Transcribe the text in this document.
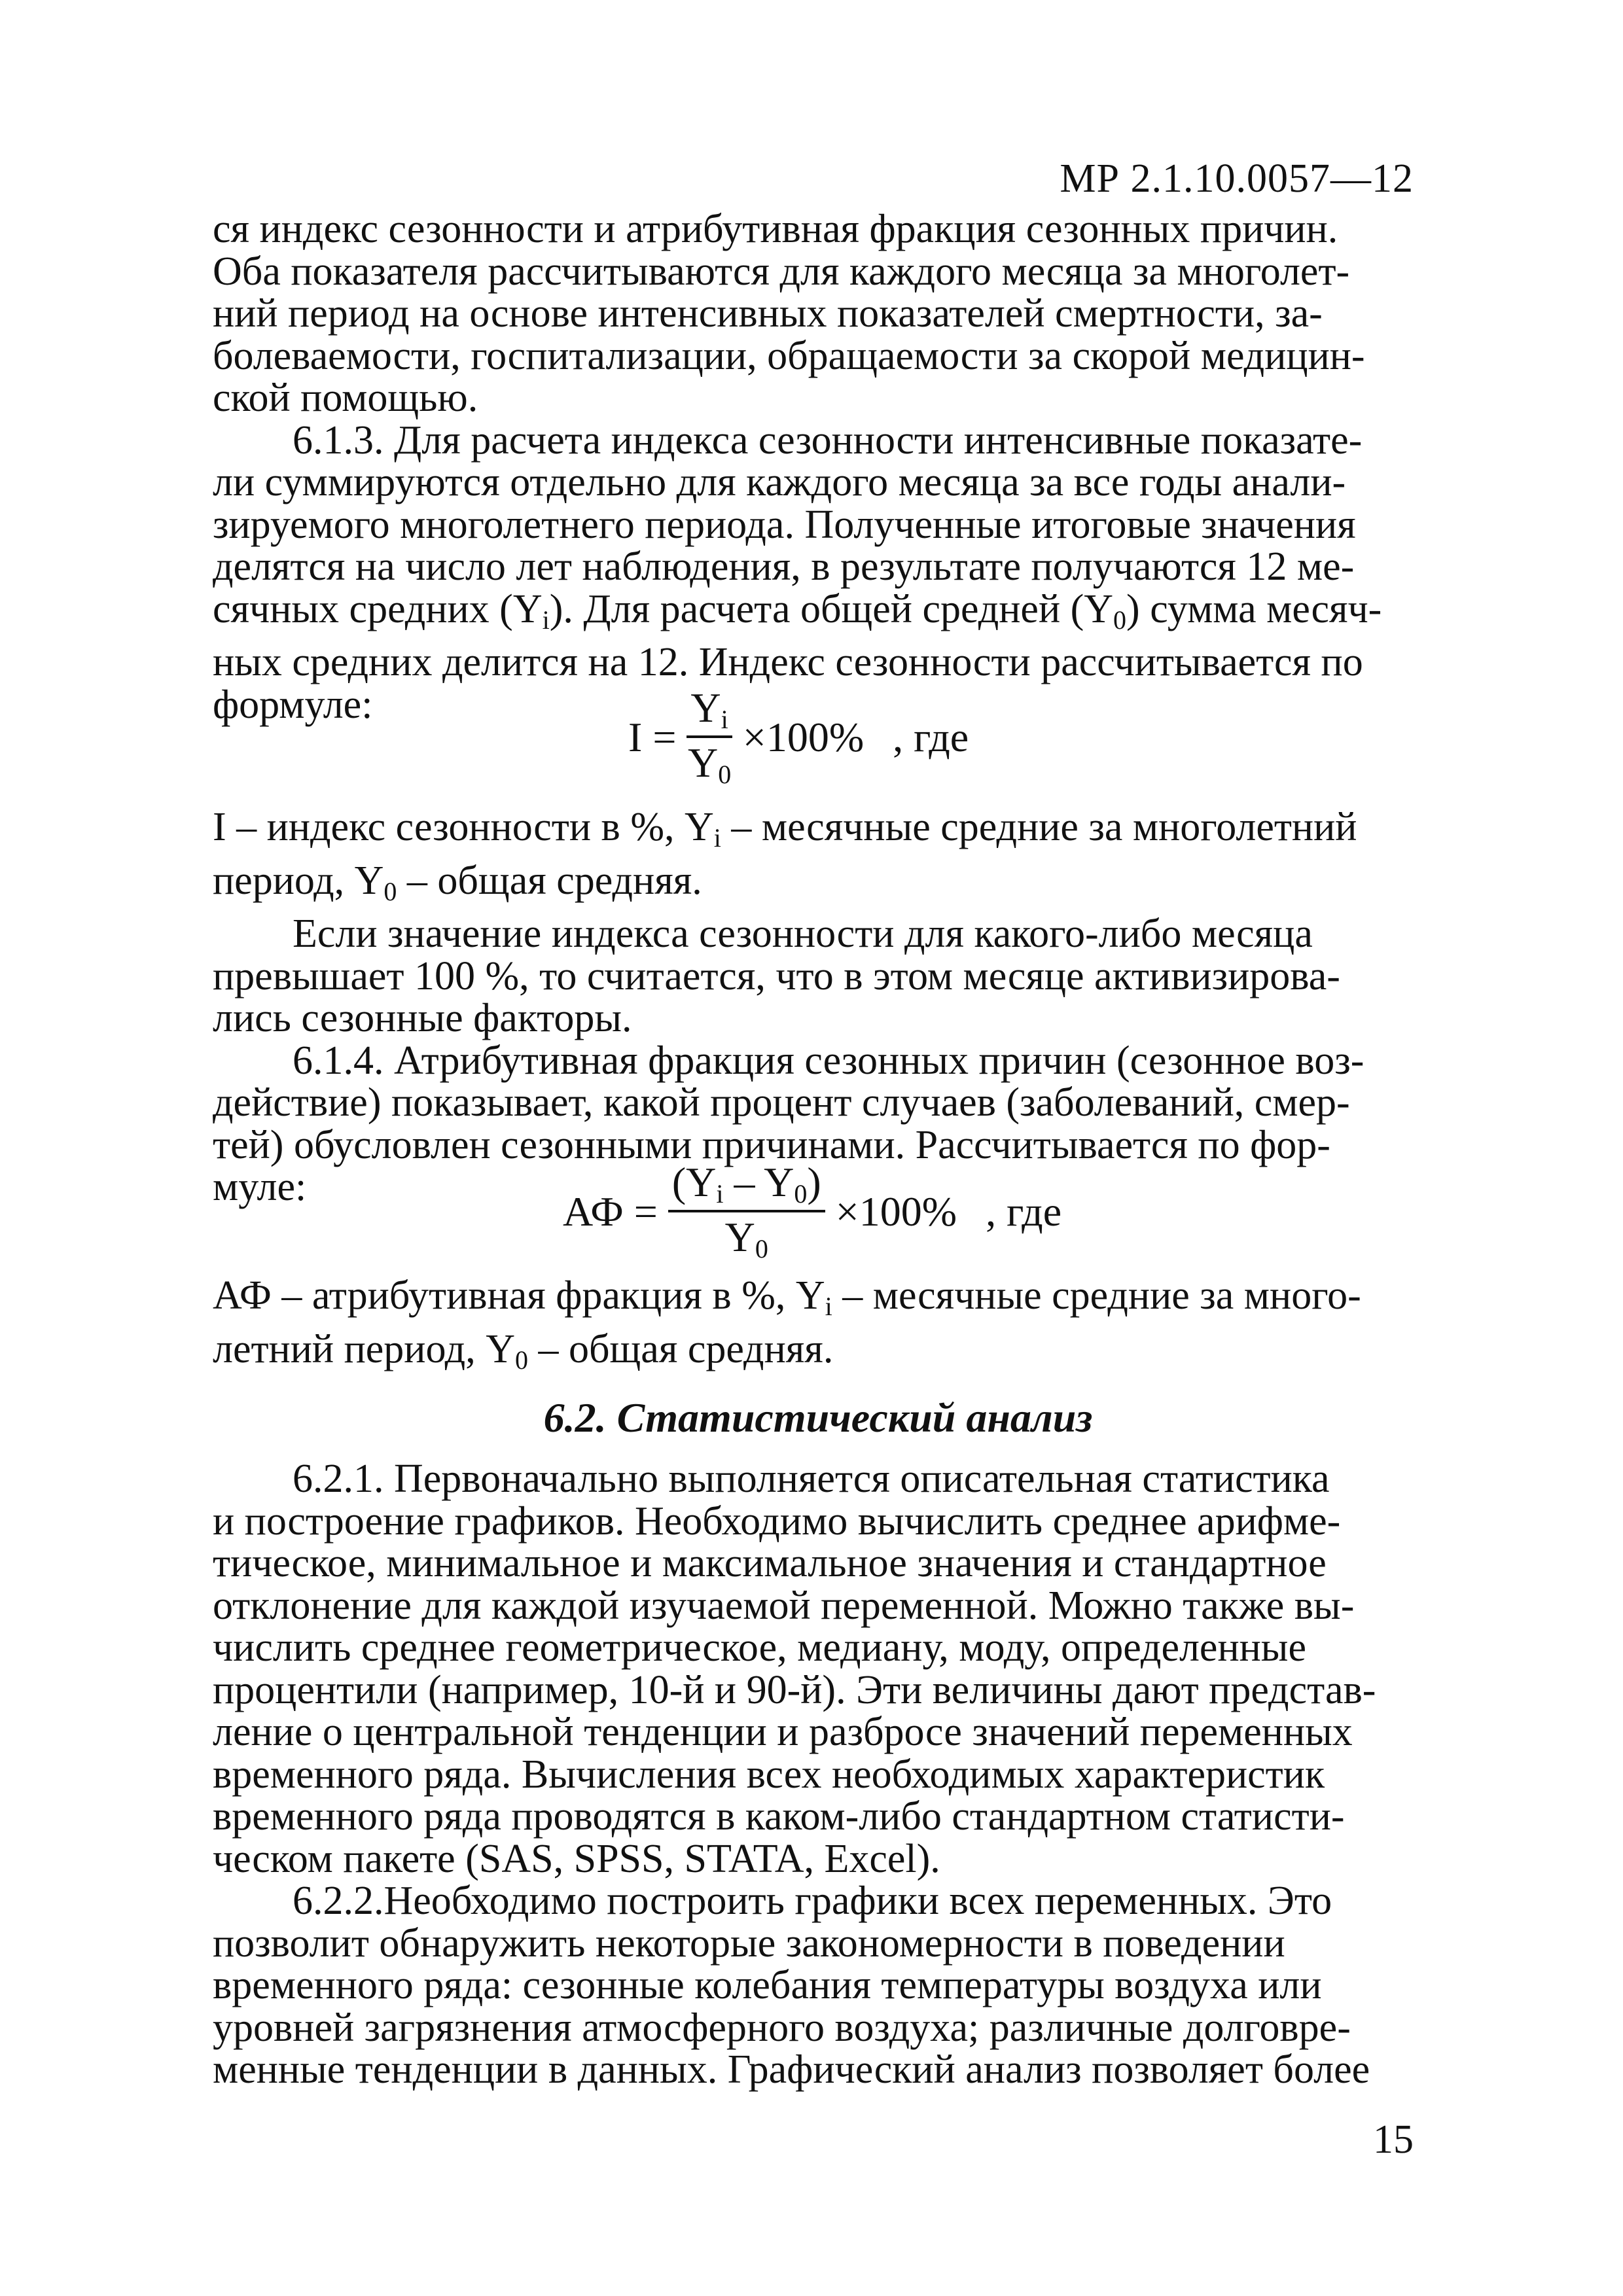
МР 2.1.10.0057—12

ся индекс сезонности и атрибутивная фракция сезонных причин.
Оба показателя рассчитываются для каждого месяца за многолет-
ний период на основе интенсивных показателей смертности, за-
болеваемости, госпитализации, обращаемости за скорой медицин-
ской помощью.

6.1.3. Для расчета индекса сезонности интенсивные показате-
ли суммируются отдельно для каждого месяца за все годы анали-
зируемого многолетнего периода. Полученные итоговые значения
делятся на число лет наблюдения, в результате получаются 12 ме-
сячных средних $(Y_i)$. Для расчета общей средней $(Y_0)$ сумма месяч-
ных средних делится на 12. Индекс сезонности рассчитывается по
формуле:

$I = \frac{Y_i}{Y_0} \times 100\%$ , где

I – индекс сезонности в %, $Y_i$ – месячные средние за многолетний
период, $Y_0$ – общая средняя.

Если значение индекса сезонности для какого-либо месяца
превышает 100 %, то считается, что в этом месяце активизирова-
лись сезонные факторы.

6.1.4. Атрибутивная фракция сезонных причин (сезонное воз-
действие) показывает, какой процент случаев (заболеваний, смер-
тей) обусловлен сезонными причинами. Рассчитывается по фор-
муле:

АФ = $\frac{(Y_i - Y_0)}{Y_0} \times 100\%$ , где

АФ – атрибутивная фракция в %, $Y_i$ – месячные средние за много-
летний период, $Y_0$ – общая средняя.

6.2. Статистический анализ

6.2.1. Первоначально выполняется описательная статистика
и построение графиков. Необходимо вычислить среднее арифме-
тическое, минимальное и максимальное значения и стандартное
отклонение для каждой изучаемой переменной. Можно также вы-
числить среднее геометрическое, медиану, моду, определенные
процентили (например, 10-й и 90-й). Эти величины дают представ-
ление о центральной тенденции и разбросе значений переменных
временного ряда. Вычисления всех необходимых характеристик
временного ряда проводятся в каком-либо стандартном статисти-
ческом пакете (SAS, SPSS, STATA, Excel).

6.2.2.Необходимо построить графики всех переменных. Это
позволит обнаружить некоторые закономерности в поведении
временного ряда: сезонные колебания температуры воздуха или
уровней загрязнения атмосферного воздуха; различные долговре-
менные тенденции в данных. Графический анализ позволяет более

15
